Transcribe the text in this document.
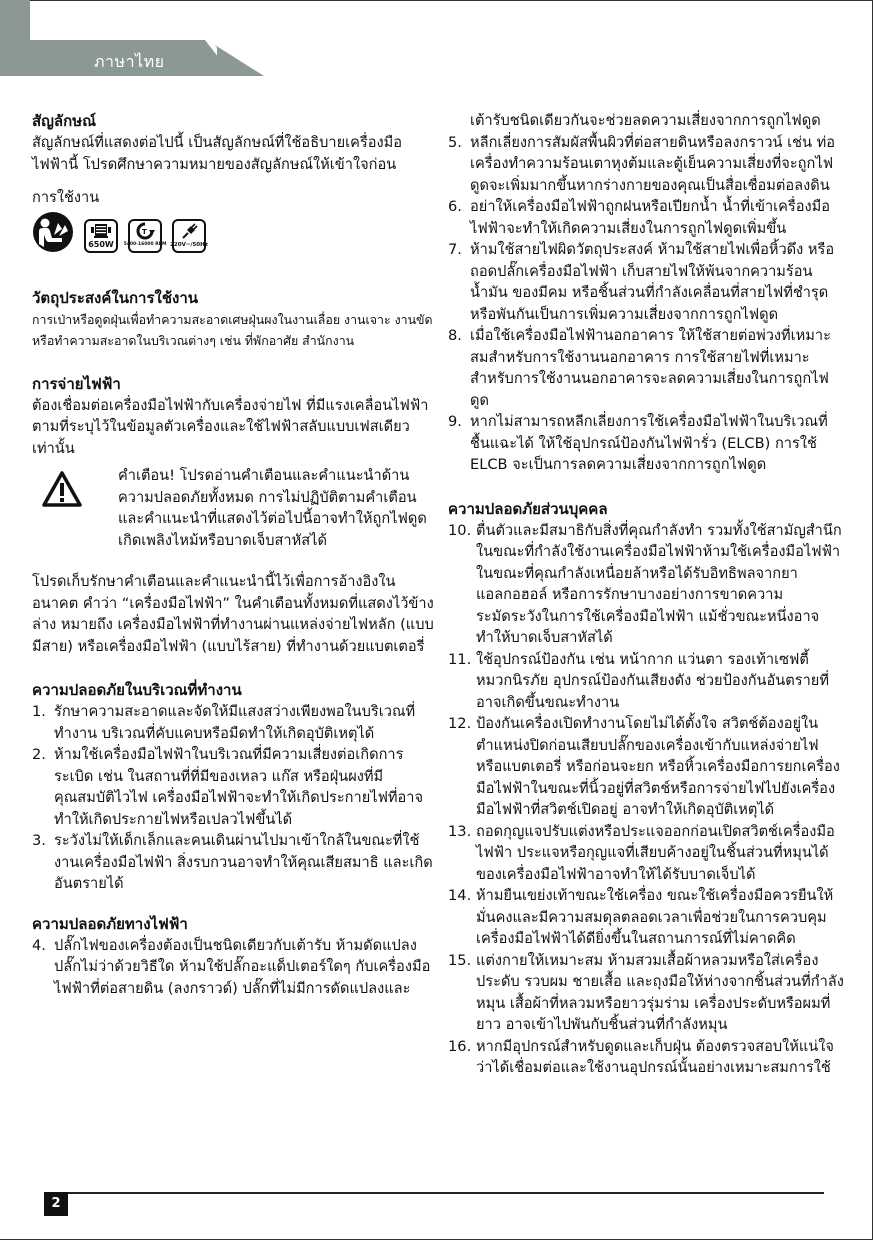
ภาษาไทย
สัญลักษณ์

สัญลักษณ์ที่แสดงต่อไปนี้ เป็นสัญลักษณ์ที่ใช้อธิบายเครื่องมือไฟฟ้านี้ โปรดศึกษาความหมายของสัญลักษณ์ให้เข้าใจก่อน

การใช้งาน

650W
T
5400-16000 RPM 220V~/50Hz
วัตถุประสงค์ในการใช้งาน

การเป่าหรือดูดฝุ่นเพื่อทำความสะอาดเศษฝุ่นผงในงานเลื่อย งานเจาะ งานขัด หรือทำความสะอาดในบริเวณต่างๆ เช่น ที่พักอาศัย สำนักงาน

การจ่ายไฟฟ้า

ต้องเชื่อมต่อเครื่องมือไฟฟ้ากับเครื่องจ่ายไฟ ที่มีแรงเคลื่อนไฟฟ้าตามที่ระบุไว้ในข้อมูลตัวเครื่องและใช้ไฟฟ้าสลับแบบเฟสเดียวเท่านั้น

คำเตือน! โปรดอ่านคำเตือนและคำแนะนำด้านความปลอดภัยทั้งหมด การไม่ปฏิบัติตามคำเตือนและคำแนะนำที่แสดงไว้ต่อไปนี้อาจทำให้ถูกไฟดูดเกิดเพลิงไหม้หรือบาดเจ็บสาหัสได้

โปรดเก็บรักษาคำเตือนและคำแนะนำนี้ไว้เพื่อการอ้างอิงในอนาคต คำว่า “เครื่องมือไฟฟ้า” ในคำเตือนทั้งหมดที่แสดงไว้ข้างล่าง หมายถึง เครื่องมือไฟฟ้าที่ทำงานผ่านแหล่งจ่ายไฟหลัก (แบบมีสาย) หรือเครื่องมือไฟฟ้า (แบบไร้สาย) ที่ทำงานด้วยแบตเตอรี่

ความปลอดภัยในบริเวณที่ทำงาน
1. รักษาความสะอาดและจัดให้มีแสงสว่างเพียงพอในบริเวณที่ทำงาน บริเวณที่คับแคบหรือมืดทำให้เกิดอุบัติเหตุได้
2. ห้ามใช้เครื่องมือไฟฟ้าในบริเวณที่มีความเสี่ยงต่อเกิดการระเบิด เช่น ในสถานที่ที่มีของเหลว แก๊ส หรือฝุ่นผงที่มีคุณสมบัติไวไฟ เครื่องมือไฟฟ้าจะทำให้เกิดประกายไฟที่อาจทำให้เกิดประกายไฟหรือเปลวไฟขึ้นได้
3. ระวังไม่ให้เด็กเล็กและคนเดินผ่านไปมาเข้าใกล้ในขณะที่ใช้งานเครื่องมือไฟฟ้า สิ่งรบกวนอาจทำให้คุณเสียสมาธิ และเกิดอันตรายได้
ความปลอดภัยทางไฟฟ้า
4. ปลั๊กไฟของเครื่องต้องเป็นชนิดเดียวกับเต้ารับ ห้ามดัดแปลงปลั๊กไม่ว่าด้วยวิธีใด ห้ามใช้ปลั๊กอะแด็ปเตอร์ใดๆ กับเครื่องมือไฟฟ้าที่ต่อสายดิน (ลงกราวด์) ปลั๊กที่ไม่มีการดัดแปลงและ

เต้ารับชนิดเดียวกันจะช่วยลดความเสี่ยงจากการถูกไฟดูด

5. หลีกเลี่ยงการสัมผัสพื้นผิวที่ต่อสายดินหรือลงกราวน์ เช่น ท่อ เครื่องทำความร้อนเตาหุงต้มและตู้เย็นความเสี่ยงที่จะถูกไฟดูดจะเพิ่มมากขึ้นหากร่างกายของคุณเป็นสื่อเชื่อมต่อลงดิน
6. อย่าให้เครื่องมือไฟฟ้าถูกฝนหรือเปียกน้ำ น้ำที่เข้าเครื่องมือไฟฟ้าจะทำให้เกิดความเสี่ยงในการถูกไฟดูดเพิ่มขึ้น
7. ห้ามใช้สายไฟผิดวัตถุประสงค์ ห้ามใช้สายไฟเพื่อหิ้วดึง หรือถอดปลั๊กเครื่องมือไฟฟ้า เก็บสายไฟให้พ้นจากความร้อน น้ำมัน ของมีคม หรือชิ้นส่วนที่กำลังเคลื่อนที่สายไฟที่ชำรุดหรือพันกันเป็นการเพิ่มความเสี่ยงจากการถูกไฟดูด
8. เมื่อใช้เครื่องมือไฟฟ้านอกอาคาร ให้ใช้สายต่อพ่วงที่เหมาะสมสำหรับการใช้งานนอกอาคาร การใช้สายไฟที่เหมาะสำหรับการใช้งานนอกอาคารจะลดความเสี่ยงในการถูกไฟดูด
9. หากไม่สามารถหลีกเลี่ยงการใช้เครื่องมือไฟฟ้าในบริเวณที่ชื้นแฉะได้ ให้ใช้อุปกรณ์ป้องกันไฟฟ้ารั่ว (ELCB) การใช้ ELCB จะเป็นการลดความเสี่ยงจากการถูกไฟดูด
ความปลอดภัยส่วนบุคคล
10. ตื่นตัวและมีสมาธิกับสิ่งที่คุณกำลังทำ รวมทั้งใช้สามัญสำนึกในขณะที่กำลังใช้งานเครื่องมือไฟฟ้าห้ามใช้เครื่องมือไฟฟ้าในขณะที่คุณกำลังเหนื่อยล้าหรือได้รับอิทธิพลจากยา แอลกอฮอล์ หรือการรักษาบางอย่างการขาดความระมัดระวังในการใช้เครื่องมือไฟฟ้า แม้ชั่วขณะหนึ่งอาจทำให้บาดเจ็บสาหัสได้
11. ใช้อุปกรณ์ป้องกัน เช่น หน้ากาก แว่นตา รองเท้าเซฟตี้ หมวกนิรภัย อุปกรณ์ป้องกันเสียงดัง ช่วยป้องกันอันตรายที่อาจเกิดขึ้นขณะทำงาน
12. ป้องกันเครื่องเปิดทำงานโดยไม่ได้ตั้งใจ สวิตช์ต้องอยู่ในตำแหน่งปิดก่อนเสียบปลั๊กของเครื่องเข้ากับแหล่งจ่ายไฟหรือแบตเตอรี่ หรือก่อนจะยก หรือหิ้วเครื่องมือการยกเครื่องมือไฟฟ้าในขณะที่นิ้วอยู่ที่สวิตช์หรือการจ่ายไฟไปยังเครื่องมือไฟฟ้าที่สวิตช์เปิดอยู่ อาจทำให้เกิดอุบัติเหตุได้
13. ถอดกุญแจปรับแต่งหรือประแจออกก่อนเปิดสวิตช์เครื่องมือไฟฟ้า ประแจหรือกุญแจที่เสียบค้างอยู่ในชิ้นส่วนที่หมุนได้ของเครื่องมือไฟฟ้าอาจทำให้ได้รับบาดเจ็บได้
14. ห้ามยืนเขย่งเท้าขณะใช้เครื่อง ขณะใช้เครื่องมือควรยืนให้มั่นคงและมีความสมดุลตลอดเวลาเพื่อช่วยในการควบคุมเครื่องมือไฟฟ้าได้ดียิ่งขึ้นในสถานการณ์ที่ไม่คาดคิด
15. แต่งกายให้เหมาะสม ห้ามสวมเสื้อผ้าหลวมหรือใส่เครื่องประดับ รวบผม ชายเสื้อ และถุงมือให้ห่างจากชิ้นส่วนที่กำลังหมุน เสื้อผ้าที่หลวมหรือยาวรุ่มร่าม เครื่องประดับหรือผมที่ยาว อาจเข้าไปพันกับชิ้นส่วนที่กำลังหมุน
16. หากมีอุปกรณ์สำหรับดูดและเก็บฝุ่น ต้องตรวจสอบให้แน่ใจว่าได้เชื่อมต่อและใช้งานอุปกรณ์นั้นอย่างเหมาะสมการใช้
2
